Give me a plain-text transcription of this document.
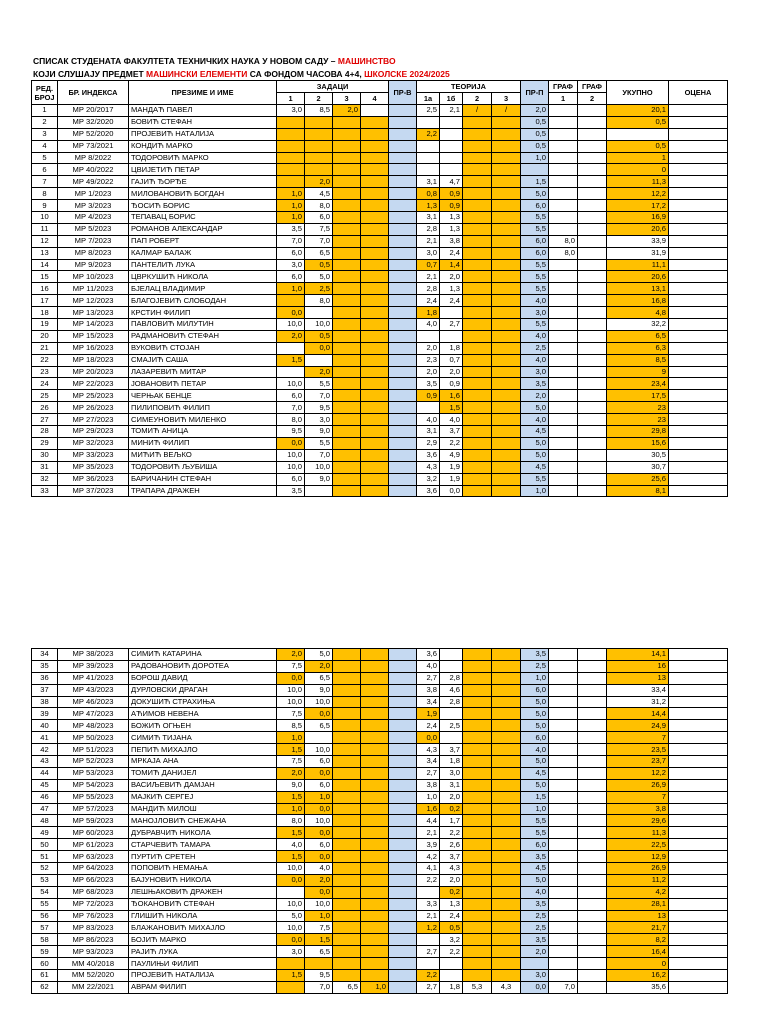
СПИСАК СТУДЕНАТА ФАКУЛТЕТА ТЕХНИЧКИХ НАУКА У НОВОМ САДУ – МАШИНСТВО
КОЈИ СЛУШАЈУ ПРЕДМЕТ МАШИНСКИ ЕЛЕМЕНТИ СА ФОНДОМ ЧАСОВА 4+4, ШКОЛСКЕ 2024/2025
РЕД.
БРОЈ	БР. ИНДЕКСА	ПРЕЗИМЕ И ИМЕ	ЗАДАЦИ				ПР-В	ТЕОРИЈА				ПР-П	ГРАФ	ГРАФ	УКУПНО	ОЦЕНА
			1	2	3	4		1а	1б	2	3		1	2		
1	МР 20/2017	МАНДАЋ ПАВЕЛ	3,0	8,5	2,0			2,5	2,1	/	/	2,0			20,1	
2	МР 32/2020	БОВИЋ СТЕФАН										0,5			0,5	
3	МР 52/2020	ПРОЈЕВИЋ НАТАЛИЈА						2,2				0,5				
4	МР 73/2021	КОНДИЋ МАРКО										0,5			0,5	
5	МР 8/2022	ТОДОРОВИЋ МАРКО										1,0			1	
6	МР 40/2022	ЦВИЈЕТИЋ ПЕТАР													0	
7	МР 49/2022	ГАЈИЋ ЂОРЂЕ		2,0				3,1	4,7			1,5			11,3	
8	МР 1/2023	МИЛОВАНОВИЋ БОГДАН	1,0	4,5				0,8	0,9			5,0			12,2	
9	МР 3/2023	ЂОСИЋ БОРИС	1,0	8,0				1,3	0,9			6,0			17,2	
10	МР 4/2023	ТЕПАВАЦ БОРИС	1,0	6,0				3,1	1,3			5,5			16,9	
11	МР 5/2023	РОМАНОВ АЛЕКСАНДАР	3,5	7,5				2,8	1,3			5,5			20,6	
12	МР 7/2023	ПАП РОБЕРТ	7,0	7,0				2,1	3,8			6,0	8,0		33,9	
13	МР 8/2023	КАЛМАР БАЛАЖ	6,0	6,5				3,0	2,4			6,0	8,0		31,9	
14	МР 9/2023	ПАНТЕЛИЋ ЛУКА	3,0	0,5				0,7	1,4			5,5			11,1	
15	МР 10/2023	ЦВРКУШИЋ НИКОЛА	6,0	5,0				2,1	2,0			5,5			20,6	
16	МР 11/2023	БЈЕЛАЦ ВЛАДИМИР	1,0	2,5				2,8	1,3			5,5			13,1	
17	МР 12/2023	БЛАГОЈЕВИЋ СЛОБОДАН		8,0				2,4	2,4			4,0			16,8	
18	МР 13/2023	КРСТИН ФИЛИП	0,0					1,8				3,0			4,8	
19	МР 14/2023	ПАВЛОВИЋ МИЛУТИН	10,0	10,0				4,0	2,7			5,5			32,2	
20	МР 15/2023	РАДМАНОВИЋ СТЕФАН	2,0	0,5								4,0			6,5	
21	МР 16/2023	ВУКОВИЋ СТОЈАН		0,0				2,0	1,8			2,5			6,3	
22	МР 18/2023	СМАЈИЋ САША	1,5					2,3	0,7			4,0			8,5	
23	МР 20/2023	ЛАЗАРЕВИЋ МИТАР		2,0				2,0	2,0			3,0			9	
24	МР 22/2023	ЈОВАНОВИЋ ПЕТАР	10,0	5,5				3,5	0,9			3,5			23,4	
25	МР 25/2023	ЧЕРЊАК БЕНЦЕ	6,0	7,0				0,9	1,6			2,0			17,5	
26	МР 26/2023	ПИЛИПОВИЋ ФИЛИП	7,0	9,5					1,5			5,0			23	
27	МР 27/2023	СИМЕУНОВИЋ МИЛЕНКО	8,0	3,0				4,0	4,0			4,0			23	
28	МР 29/2023	ТОМИЋ АНИЦА	9,5	9,0				3,1	3,7			4,5			29,8	
29	МР 32/2023	МИНИЋ ФИЛИП	0,0	5,5				2,9	2,2			5,0			15,6	
30	МР 33/2023	МИЋИЋ ВЕЉКО	10,0	7,0				3,6	4,9			5,0			30,5	
31	МР 35/2023	ТОДОРОВИЋ ЉУБИША	10,0	10,0				4,3	1,9			4,5			30,7	
32	МР 36/2023	БАРИЧАНИН СТЕФАН	6,0	9,0				3,2	1,9			5,5			25,6	
33	МР 37/2023	ТРАПАРА ДРАЖЕН	3,5					3,6	0,0			1,0			8,1	
34	МР 38/2023	СИМИЋ КАТАРИНА	2,0	5,0				3,6				3,5			14,1	
35	МР 39/2023	РАДОВАНОВИЋ ДОРОТЕА	7,5	2,0				4,0				2,5			16	
36	МР 41/2023	БОРОШ ДАВИД	0,0	6,5				2,7	2,8			1,0			13	
37	МР 43/2023	ДУРЛОВСКИ ДРАГАН	10,0	9,0				3,8	4,6			6,0			33,4	
38	МР 46/2023	ДОКУШИЋ СТРАХИЊА	10,0	10,0				3,4	2,8			5,0			31,2	
39	МР 47/2023	АЋИМОВ НЕВЕНА	7,5	0,0				1,9				5,0			14,4	
40	МР 48/2023	БОЖИЋ ОГЊЕН	8,5	6,5				2,4	2,5			5,0			24,9	
41	МР 50/2023	СИМИЋ ТИЈАНА	1,0					0,0				6,0			7	
42	МР 51/2023	ПЕПИЋ МИХАЈЛО	1,5	10,0				4,3	3,7			4,0			23,5	
43	МР 52/2023	МРКАЈА АНА	7,5	6,0				3,4	1,8			5,0			23,7	
44	МР 53/2023	ТОМИЋ ДАНИЈЕЛ	2,0	0,0				2,7	3,0			4,5			12,2	
45	МР 54/2023	ВАСИЉЕВИЋ ДАМЈАН	9,0	6,0				3,8	3,1			5,0			26,9	
46	МР 55/2023	МАЈКИЋ СЕРГЕЈ	1,5	1,0				1,0	2,0			1,5			7	
47	МР 57/2023	МАНДИЋ МИЛОШ	1,0	0,0				1,6	0,2			1,0			3,8	
48	МР 59/2023	МАНОЈЛОВИЋ СНЕЖАНА	8,0	10,0				4,4	1,7			5,5			29,6	
49	МР 60/2023	ДУБРАВЧИЋ НИКОЛА	1,5	0,0				2,1	2,2			5,5			11,3	
50	МР 61/2023	СТАРЧЕВИЋ ТАМАРА	4,0	6,0				3,9	2,6			6,0			22,5	
51	МР 63/2023	ПУРТИЋ СРЕТЕН	1,5	0,0				4,2	3,7			3,5			12,9	
52	МР 64/2023	ПОПОВИЋ НЕМАЊА	10,0	4,0				4,1	4,3			4,5			26,9	
53	МР 66/2023	БАЈУНОВИЋ НИКОЛА	0,0	2,0				2,2	2,0			5,0			11,2	
54	МР 68/2023	ЛЕШЊАКОВИЋ ДРАЖЕН		0,0					0,2			4,0			4,2	
55	МР 72/2023	ЂОКАНОВИЋ СТЕФАН	10,0	10,0				3,3	1,3			3,5			28,1	
56	МР 76/2023	ГЛИШИЋ НИКОЛА	5,0	1,0				2,1	2,4			2,5			13	
57	МР 83/2023	БЛАЖАНОВИЋ МИХАЈЛО	10,0	7,5				1,2	0,5			2,5			21,7	
58	МР 86/2023	БОЈИЋ МАРКО	0,0	1,5					3,2			3,5			8,2	
59	МР 93/2023	РАЈИЋ ЛУКА	3,0	6,5				2,7	2,2			2,0			16,4	
60	ММ 40/2018	ПАУЛИЊИ ФИЛИП													0	
61	ММ 52/2020	ПРОЈЕВИЋ НАТАЛИЈА	1,5	9,5				2,2				3,0			16,2	
62	ММ 22/2021	АВРАМ ФИЛИП		7,0	6,5	1,0		2,7	1,8	5,3	4,3	0,0	7,0		35,6	
